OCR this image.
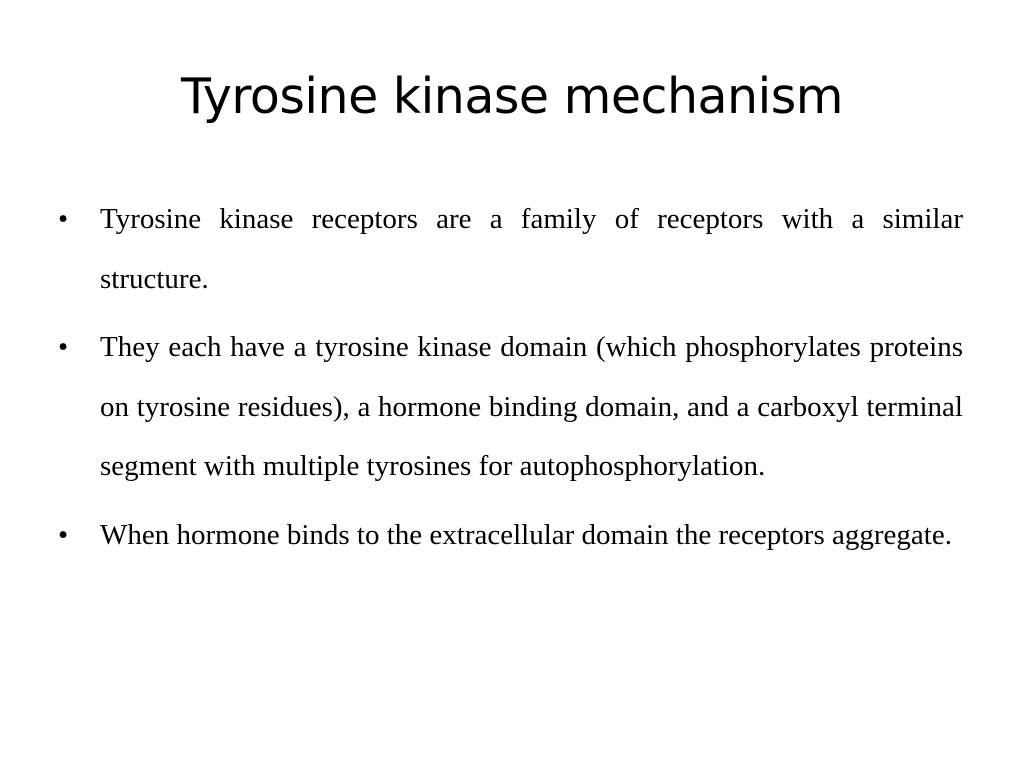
Tyrosine kinase mechanism
• Tyrosine kinase receptors are a family of receptors with a similar structure.
• They each have a tyrosine kinase domain (which phosphorylates proteins on tyrosine residues), a hormone binding domain, and a carboxyl terminal segment with multiple tyrosines for autophosphorylation.
• When hormone binds to the extracellular domain the receptors aggregate.
